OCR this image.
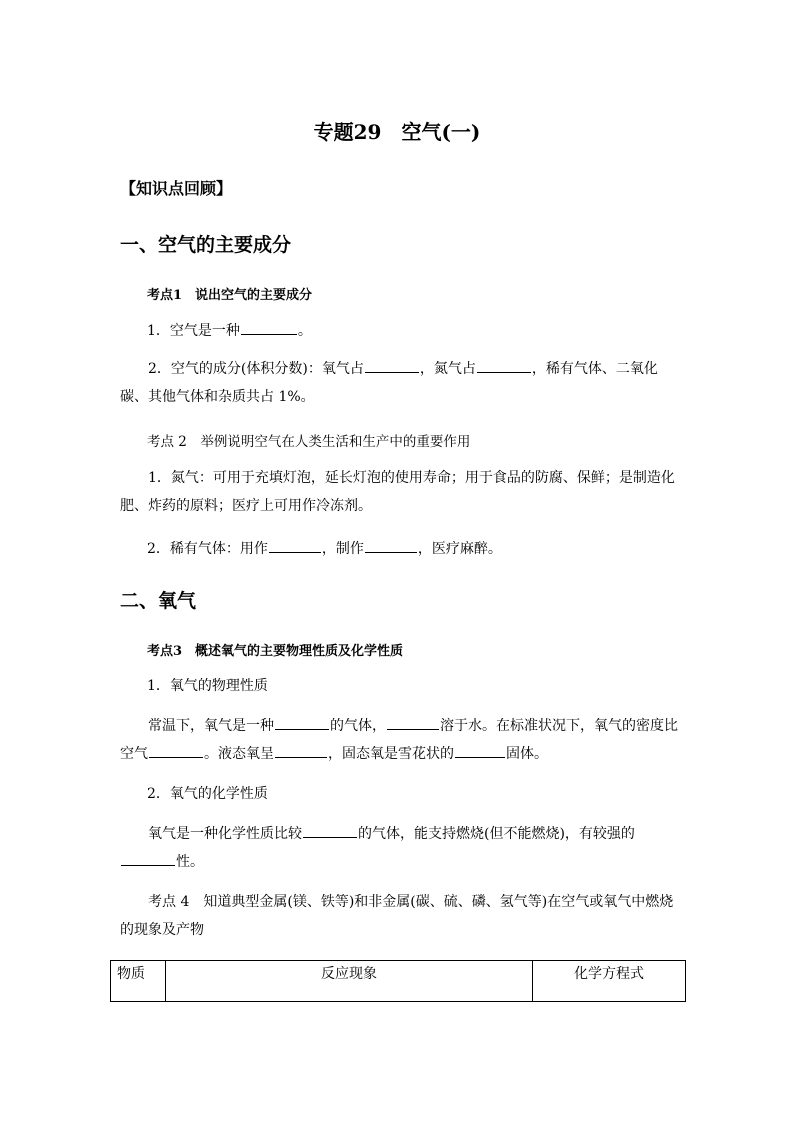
专题29　空气(一)
【知识点回顾】
一、空气的主要成分
考点1　说出空气的主要成分
1．空气是一种	。
2．空气的成分(体积分数)：氧气占	，氮气占	，稀有气体、二氧化碳、其他气体和杂质共占 1%。
考点 2　举例说明空气在人类生活和生产中的重要作用
1．氮气：可用于充填灯泡，延长灯泡的使用寿命；用于食品的防腐、保鲜；是制造化肥、炸药的原料；医疗上可用作冷冻剂。
2．稀有气体：用作	，制作	，医疗麻醉。
二、氧气
考点3　概述氧气的主要物理性质及化学性质
1．氧气的物理性质
常温下，氧气是一种	的气体，	溶于水。在标准状况下，氧气的密度比空气	。液态氧呈	，固态氧是雪花状的	固体。
2．氧气的化学性质
氧气是一种化学性质比较	的气体，能支持燃烧(但不能燃烧)，有较强的性。
考点 4　知道典型金属(镁、铁等)和非金属(碳、硫、磷、氢气等)在空气或氧气中燃烧的现象及产物
物质	反应现象	化学方程式
